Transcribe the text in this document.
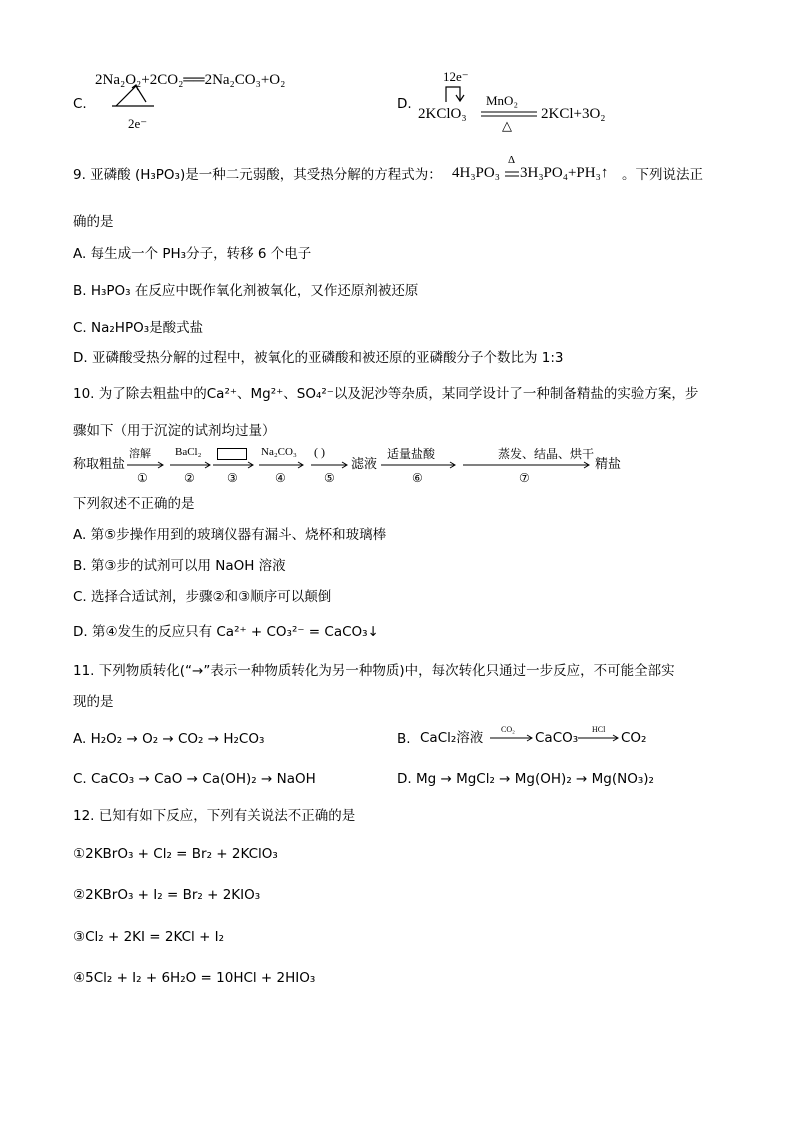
C.
2Na₂O₂+2CO₂══2Na₂CO₃+O₂
2e⁻
D.
12e⁻
2KClO₃
MnO₂
△
2KCl+3O₂
9. 亚磷酸 (H₃PO₃)是一种二元弱酸，其受热分解的方程式为： 4H₃PO₃
Δ
3H₃PO₄+PH₃↑ 。下列说法正
确的是
A. 每生成一个 PH₃分子，转移 6 个电子
B. H₃PO₃ 在反应中既作氧化剂被氧化，又作还原剂被还原
C. Na₂HPO₃是酸式盐
D. 亚磷酸受热分解的过程中，被氧化的亚磷酸和被还原的亚磷酸分子个数比为 1:3
10. 为了除去粗盐中的Ca²⁺、Mg²⁺、SO₄²⁻以及泥沙等杂质，某同学设计了一种制备精盐的实验方案，步
骤如下（用于沉淀的试剂均过量）
称取粗盐
溶解
①
BaCl₂
②	③
Na₂CO₃
④
( )
⑤
滤液
适量盐酸
⑥
蒸发、结晶、烘干
⑦
精盐
下列叙述不正确的是
A. 第⑤步操作用到的玻璃仪器有漏斗、烧杯和玻璃棒
B. 第③步的试剂可以用 NaOH 溶液
C. 选择合适试剂，步骤②和③顺序可以颠倒
D. 第④发生的反应只有 Ca²⁺ + CO₃²⁻ = CaCO₃↓
11. 下列物质转化(“→”表示一种物质转化为另一种物质)中，每次转化只通过一步反应，不可能全部实
现的是
A. H₂O₂ → O₂ → CO₂ → H₂CO₃	B. CaCl₂溶液
CO₂
CaCO₃
HCl
CO₂
C. CaCO₃ → CaO → Ca(OH)₂ → NaOH	D. Mg → MgCl₂ → Mg(OH)₂ → Mg(NO₃)₂
12. 已知有如下反应，下列有关说法不正确的是
①2KBrO₃ + Cl₂ = Br₂ + 2KClO₃
②2KBrO₃ + I₂ = Br₂ + 2KIO₃
③Cl₂ + 2KI = 2KCl + I₂
④5Cl₂ + I₂ + 6H₂O = 10HCl + 2HIO₃
